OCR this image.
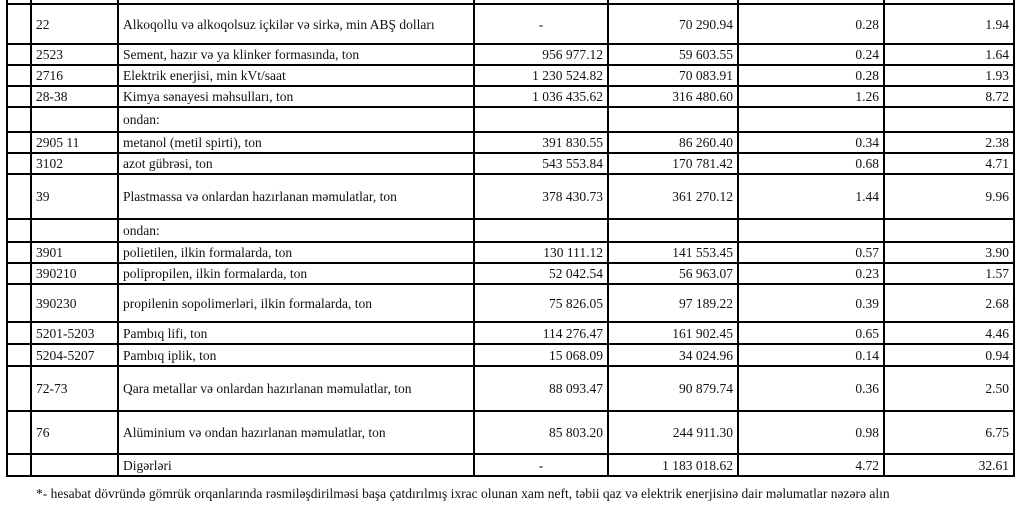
	22	Alkoqollu və alkoqolsuz içkilər və sirkə, min ABŞ dolları	-	70 290.94	0.28	1.94
	2523	Sement, hazır və ya klinker formasında, ton	956 977.12	59 603.55	0.24	1.64
	2716	Elektrik enerjisi, min kVt/saat	1 230 524.82	70 083.91	0.28	1.93
	28-38	Kimya sənayesi məhsulları, ton	1 036 435.62	316 480.60	1.26	8.72
		ondan:				
	2905 11	metanol (metil spirti), ton	391 830.55	86 260.40	0.34	2.38
	3102	azot gübrəsi, ton	543 553.84	170 781.42	0.68	4.71
	39	Plastmassa və onlardan hazırlanan məmulatlar, ton	378 430.73	361 270.12	1.44	9.96
		ondan:				
	3901	polietilen, ilkin formalarda, ton	130 111.12	141 553.45	0.57	3.90
	390210	polipropilen, ilkin formalarda, ton	52 042.54	56 963.07	0.23	1.57
	390230	propilenin sopolimerləri, ilkin formalarda, ton	75 826.05	97 189.22	0.39	2.68
	5201-5203	Pambıq lifi, ton	114 276.47	161 902.45	0.65	4.46
	5204-5207	Pambıq iplik, ton	15 068.09	34 024.96	0.14	0.94
	72-73	Qara metallar və onlardan hazırlanan məmulatlar, ton	88 093.47	90 879.74	0.36	2.50
	76	Alüminium və ondan hazırlanan məmulatlar, ton	85 803.20	244 911.30	0.98	6.75
		Digərləri	-	1 183 018.62	4.72	32.61
*- hesabat dövründə gömrük orqanlarında rəsmiləşdirilməsi başa çatdırılmış ixrac olunan xam neft, təbii qaz və elektrik enerjisinə dair məlumatlar nəzərə alın
